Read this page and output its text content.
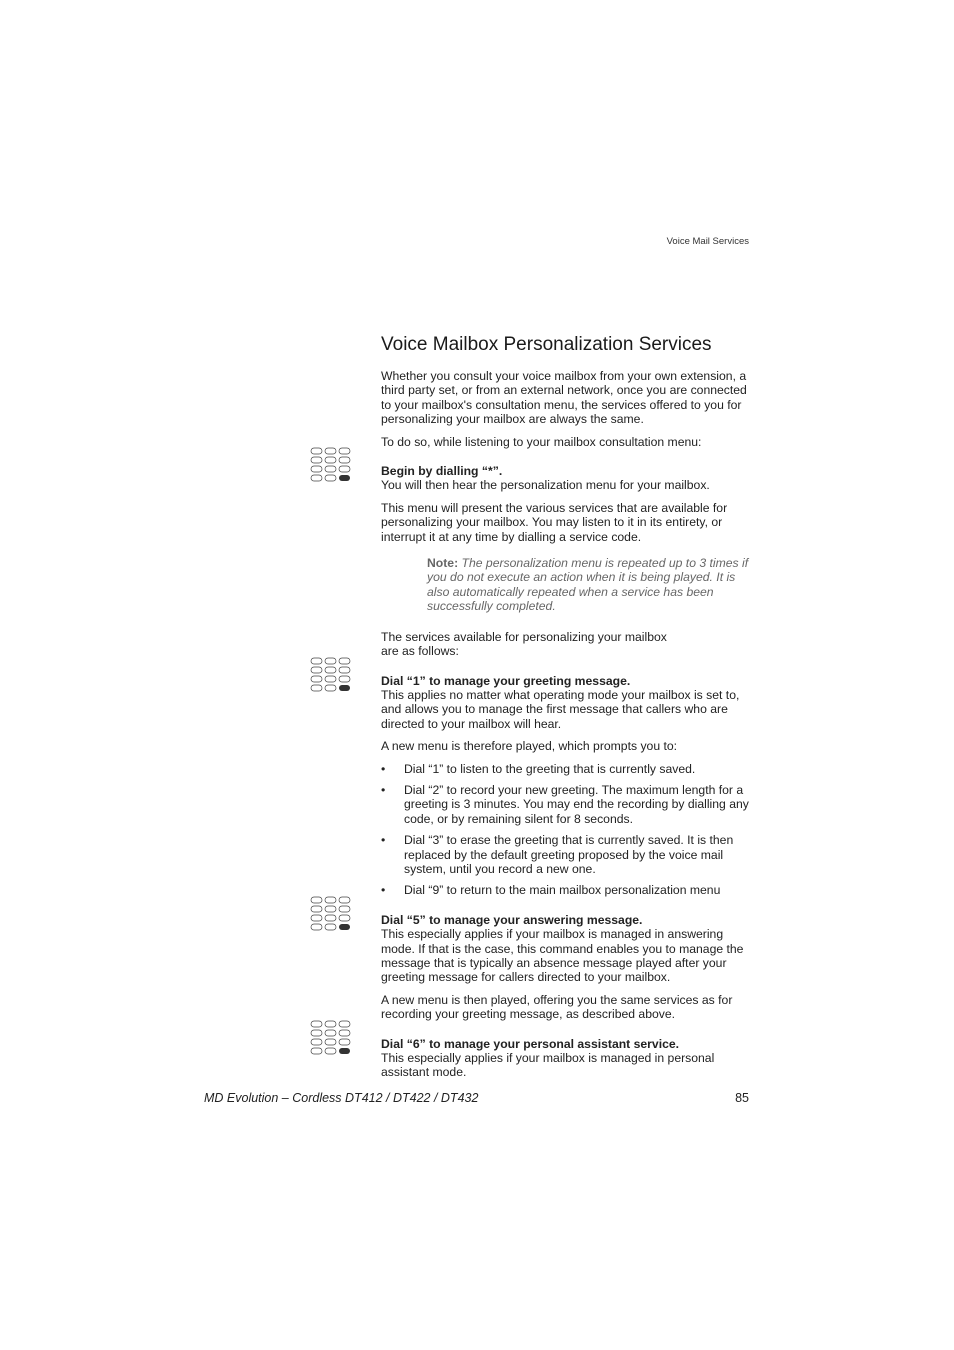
Voice Mail Services
Voice Mailbox Personalization Services

Whether you consult your voice mailbox from your own extension, a third party set, or from an external network, once you are connected to your mailbox's consultation menu, the services offered to you for personalizing your mailbox are always the same.

To do so, while listening to your mailbox consultation menu:

Begin by dialling “*”.

You will then hear the personalization menu for your mailbox.

This menu will present the various services that are available for personalizing your mailbox. You may listen to it in its entirety, or interrupt it at any time by dialling a service code.

Note: The personalization menu is repeated up to 3 times if you do not execute an action when it is being played. It is also automatically repeated when a service has been successfully completed.

The services available for personalizing your mailbox are as follows:

Dial “1” to manage your greeting message.

This applies no matter what operating mode your mailbox is set to, and allows you to manage the first message that callers who are directed to your mailbox will hear.

A new menu is therefore played, which prompts you to:

• Dial “1” to listen to the greeting that is currently saved.
• Dial “2” to record your new greeting. The maximum length for a greeting is 3 minutes. You may end the recording by dialling any code, or by remaining silent for 8 seconds.
• Dial “3” to erase the greeting that is currently saved. It is then replaced by the default greeting proposed by the voice mail system, until you record a new one.
• Dial “9” to return to the main mailbox personalization menu

Dial “5” to manage your answering message.

This especially applies if your mailbox is managed in answering mode. If that is the case, this command enables you to manage the message that is typically an absence message played after your greeting message for callers directed to your mailbox.

A new menu is then played, offering you the same services as for recording your greeting message, as described above.

Dial “6” to manage your personal assistant service.

This especially applies if your mailbox is managed in personal assistant mode.

MD Evolution – Cordless DT412 / DT422 / DT432	85
